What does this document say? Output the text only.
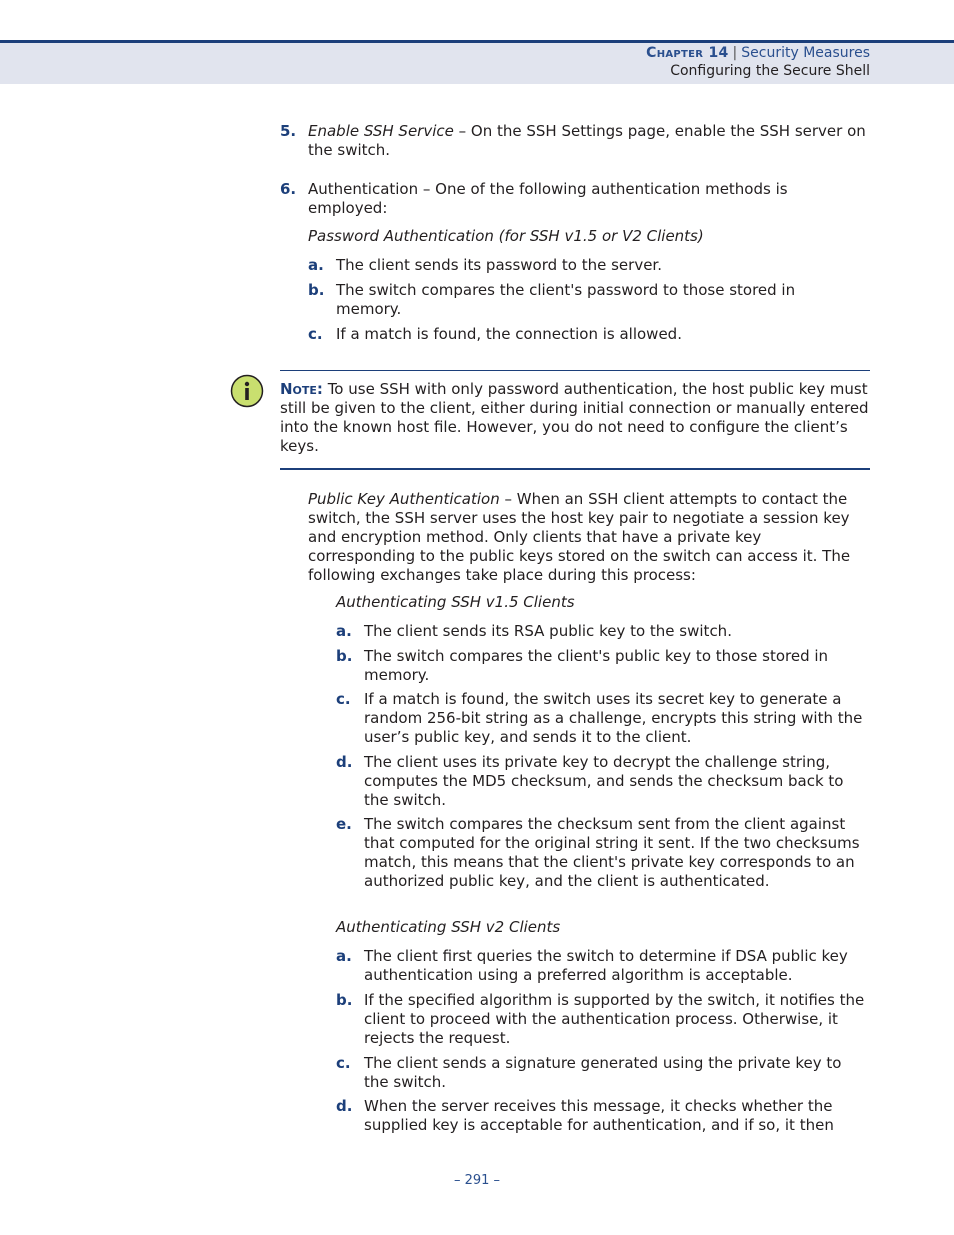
Chapter 14 | Security Measures
Configuring the Secure Shell
5. Enable SSH Service – On the SSH Settings page, enable the SSH server on the switch.
6. Authentication – One of the following authentication methods is employed:
Password Authentication (for SSH v1.5 or V2 Clients)
a. The client sends its password to the server.
b. The switch compares the client's password to those stored in memory.
c. If a match is found, the connection is allowed.
Note: To use SSH with only password authentication, the host public key must still be given to the client, either during initial connection or manually entered into the known host file. However, you do not need to configure the client’s keys.
Public Key Authentication – When an SSH client attempts to contact the switch, the SSH server uses the host key pair to negotiate a session key and encryption method. Only clients that have a private key corresponding to the public keys stored on the switch can access it. The following exchanges take place during this process:
Authenticating SSH v1.5 Clients
a. The client sends its RSA public key to the switch.
b. The switch compares the client's public key to those stored in memory.
c. If a match is found, the switch uses its secret key to generate a random 256-bit string as a challenge, encrypts this string with the user’s public key, and sends it to the client.
d. The client uses its private key to decrypt the challenge string, computes the MD5 checksum, and sends the checksum back to the switch.
e. The switch compares the checksum sent from the client against that computed for the original string it sent. If the two checksums match, this means that the client's private key corresponds to an authorized public key, and the client is authenticated.
Authenticating SSH v2 Clients
a. The client first queries the switch to determine if DSA public key authentication using a preferred algorithm is acceptable.
b. If the specified algorithm is supported by the switch, it notifies the client to proceed with the authentication process. Otherwise, it rejects the request.
c. The client sends a signature generated using the private key to the switch.
d. When the server receives this message, it checks whether the supplied key is acceptable for authentication, and if so, it then
– 291 –
